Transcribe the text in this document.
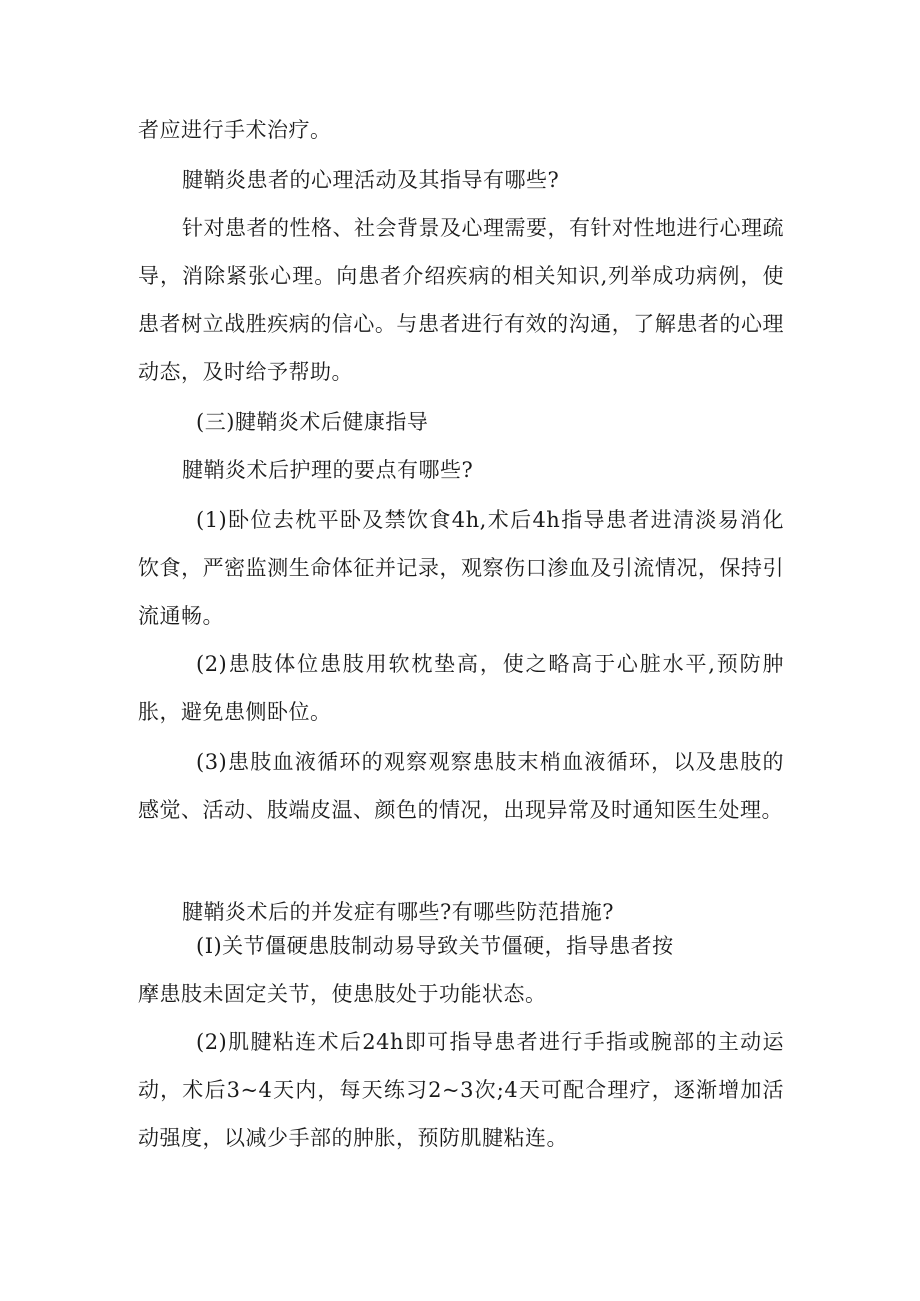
者应进行手术治疗。

腱鞘炎患者的心理活动及其指导有哪些?

针对患者的性格、社会背景及心理需要，有针对性地进行心理疏导，消除紧张心理。向患者介绍疾病的相关知识,列举成功病例，使患者树立战胜疾病的信心。与患者进行有效的沟通，了解患者的心理动态，及时给予帮助。

(三)腱鞘炎术后健康指导

腱鞘炎术后护理的要点有哪些?

(1)卧位去枕平卧及禁饮食4h,术后4h指导患者进清淡易消化饮食，严密监测生命体征并记录，观察伤口渗血及引流情况，保持引流通畅。

(2)患肢体位患肢用软枕垫高，使之略高于心脏水平,预防肿胀，避免患侧卧位。

(3)患肢血液循环的观察观察患肢末梢血液循环，以及患肢的感觉、活动、肢端皮温、颜色的情况，出现异常及时通知医生处理。

腱鞘炎术后的并发症有哪些?有哪些防范措施?

(I)关节僵硬患肢制动易导致关节僵硬，指导患者按

摩患肢未固定关节，使患肢处于功能状态。

(2)肌腱粘连术后24h即可指导患者进行手指或腕部的主动运动，术后3~4天内，每天练习2~3次;4天可配合理疗，逐渐增加活动强度，以减少手部的肿胀，预防肌腱粘连。
